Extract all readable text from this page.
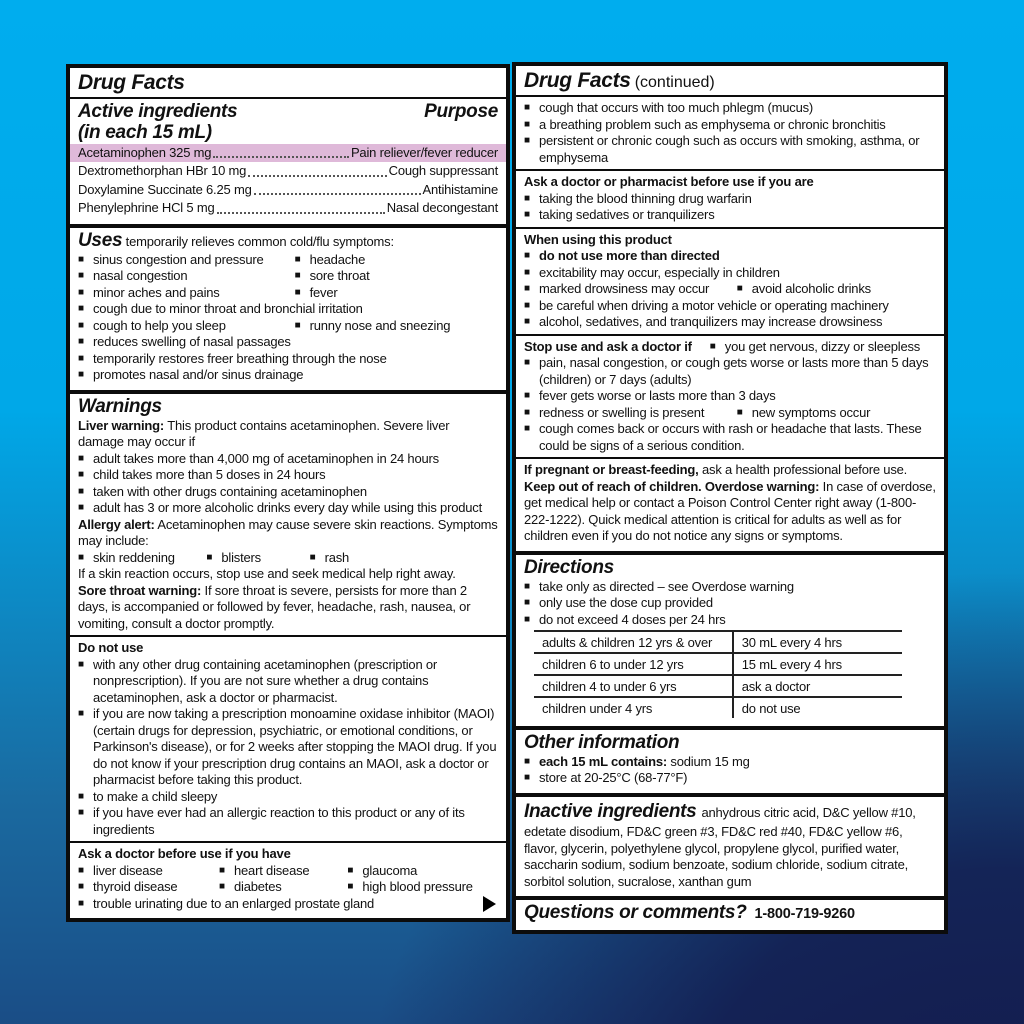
Drug Facts
Active ingredients
(in each 15 mL)
Purpose
Acetaminophen 325 mg	Pain reliever/fever reducer
Dextromethorphan HBr 10 mg	Cough suppressant
Doxylamine Succinate 6.25 mg	Antihistamine
Phenylephrine HCl 5 mg	Nasal decongestant

Uses temporarily relieves common cold/flu symptoms:

■ sinus congestion and pressure	■ headache
■ nasal congestion	■ sore throat
■ minor aches and pains	■ fever
■ cough due to minor throat and bronchial irritation
■ cough to help you sleep	■ runny nose and sneezing
■ reduces swelling of nasal passages
■ temporarily restores freer breathing through the nose
■ promotes nasal and/or sinus drainage
Warnings

Liver warning: This product contains acetaminophen. Severe liver damage may occur if

■ adult takes more than 4,000 mg of acetaminophen in 24 hours
■ child takes more than 5 doses in 24 hours
■ taken with other drugs containing acetaminophen
■ adult has 3 or more alcoholic drinks every day while using this product

Allergy alert: Acetaminophen may cause severe skin reactions. Symptoms may include:

■ skin reddening	■ blisters	■ rash

If a skin reaction occurs, stop use and seek medical help right away.

Sore throat warning: If sore throat is severe, persists for more than 2 days, is accompanied or followed by fever, headache, rash, nausea, or vomiting, consult a doctor promptly.

Do not use

■ with any other drug containing acetaminophen (prescription or nonprescription). If you are not sure whether a drug contains acetaminophen, ask a doctor or pharmacist.
■ if you are now taking a prescription monoamine oxidase inhibitor (MAOI) (certain drugs for depression, psychiatric, or emotional conditions, or Parkinson's disease), or for 2 weeks after stopping the MAOI drug. If you do not know if your prescription drug contains an MAOI, ask a doctor or pharmacist before taking this product.
■ to make a child sleepy
■ if you have ever had an allergic reaction to this product or any of its ingredients

Ask a doctor before use if you have

■ liver disease	■ heart disease	■ glaucoma
■ thyroid disease	■ diabetes	■ high blood pressure
■ trouble urinating due to an enlarged prostate gland
Drug Facts (continued)
■ cough that occurs with too much phlegm (mucus)
■ a breathing problem such as emphysema or chronic bronchitis
■ persistent or chronic cough such as occurs with smoking, asthma, or emphysema

Ask a doctor or pharmacist before use if you are

■ taking the blood thinning drug warfarin
■ taking sedatives or tranquilizers

When using this product

■ do not use more than directed
■ excitability may occur, especially in children
■ marked drowsiness may occur	■ avoid alcoholic drinks
■ be careful when driving a motor vehicle or operating machinery
■ alcohol, sedatives, and tranquilizers may increase drowsiness
Stop use and ask a doctor if	■ you get nervous, dizzy or sleepless
■ pain, nasal congestion, or cough gets worse or lasts more than 5 days (children) or 7 days (adults)
■ fever gets worse or lasts more than 3 days
■ redness or swelling is present	■ new symptoms occur
■ cough comes back or occurs with rash or headache that lasts. These could be signs of a serious condition.

If pregnant or breast-feeding, ask a health professional before use.

Keep out of reach of children. Overdose warning: In case of overdose, get medical help or contact a Poison Control Center right away (1-800-222-1222). Quick medical attention is critical for adults as well as for children even if you do not notice any signs or symptoms.

Directions
■ take only as directed – see Overdose warning
■ only use the dose cup provided
■ do not exceed 4 doses per 24 hrs
adults & children 12 yrs & over	30 mL every 4 hrs
children 6 to under 12 yrs	15 mL every 4 hrs
children 4 to under 6 yrs	ask a doctor
children under 4 yrs	do not use
Other information
■ each 15 mL contains: sodium 15 mg
■ store at 20-25°C (68-77°F)

Inactive ingredients anhydrous citric acid, D&C yellow #10, edetate disodium, FD&C green #3, FD&C red #40, FD&C yellow #6, flavor, glycerin, polyethylene glycol, propylene glycol, purified water, saccharin sodium, sodium benzoate, sodium chloride, sodium citrate, sorbitol solution, sucralose, xanthan gum

Questions or comments? 1-800-719-9260
